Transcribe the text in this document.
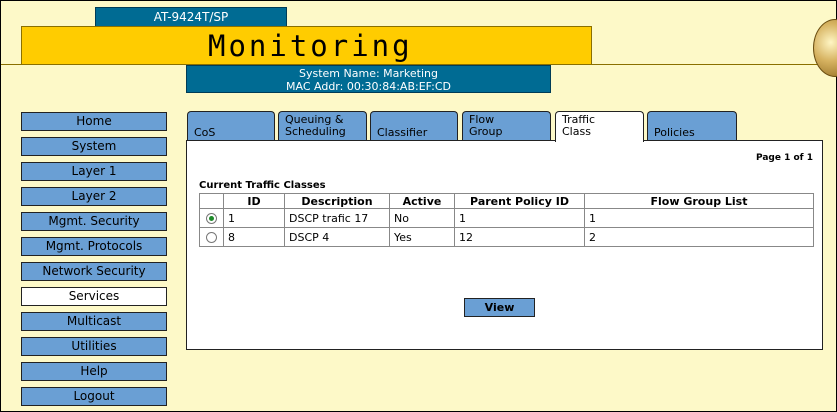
AT-9424T/SP
Monitoring
System Name: Marketing
MAC Addr: 00:30:84:AB:EF:CD
Home
System
Layer 1
Layer 2
Mgmt. Security
Mgmt. Protocols
Network Security
Services
Multicast
Utilities
Help
Logout
CoS
Queuing &
Scheduling	Classifier
Flow
Group
Traffic
Class	Policies
Page 1 of 1
Current Traffic Classes
	ID	Description	Active	Parent Policy ID	Flow Group List
	1	DSCP trafic 17	No	1	1
	8	DSCP 4	Yes	12	2
View
